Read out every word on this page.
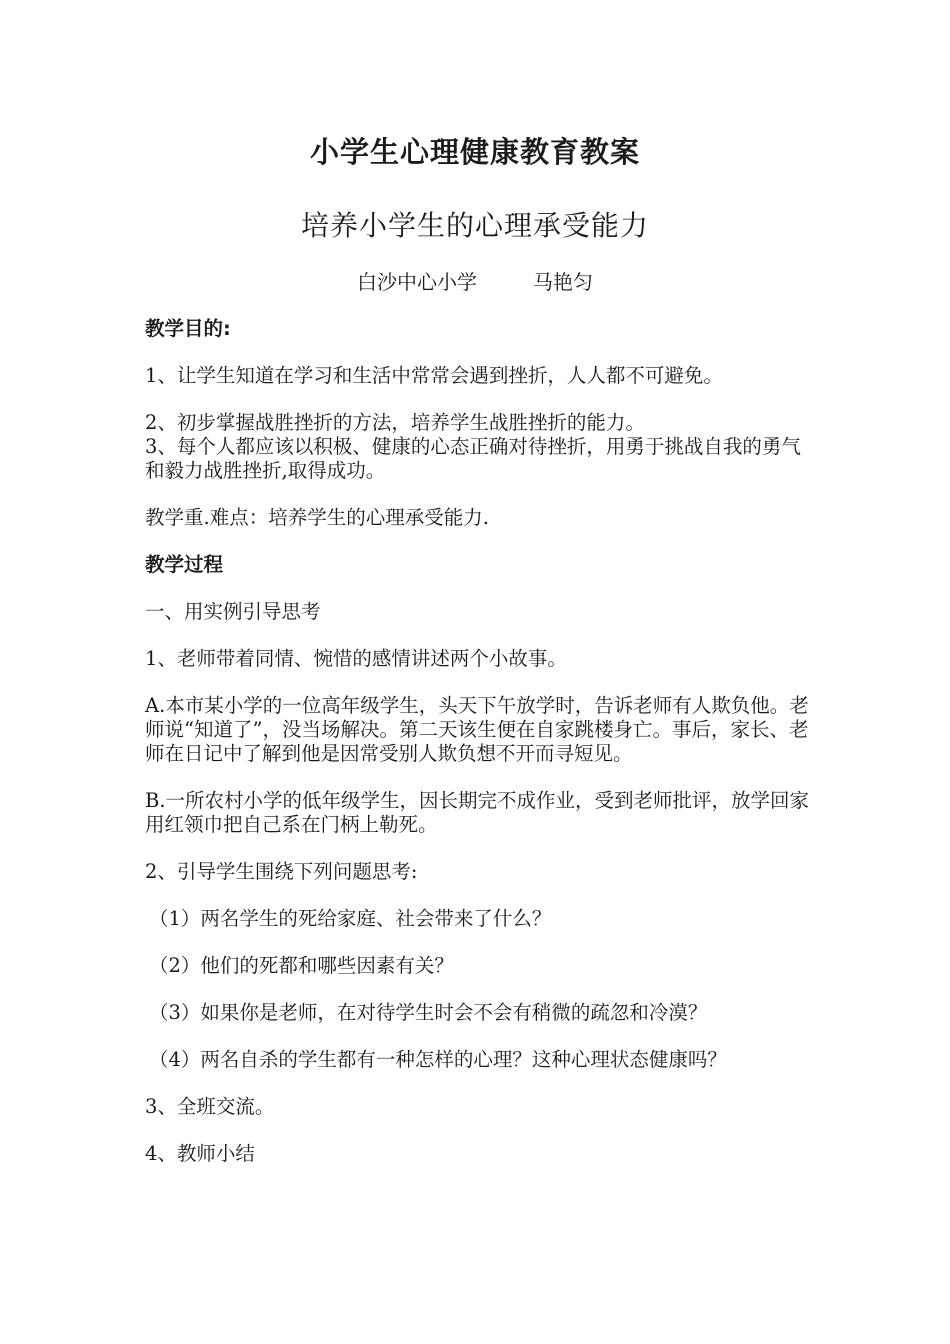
小学生心理健康教育教案
培养小学生的心理承受能力
白沙中心小学	马艳匀

教学目的:

1、让学生知道在学习和生活中常常会遇到挫折，人人都不可避免。

2、初步掌握战胜挫折的方法，培养学生战胜挫折的能力。

3、每个人都应该以积极、健康的心态正确对待挫折，用勇于挑战自我的勇气和毅力战胜挫折,取得成功。

教学重.难点：培养学生的心理承受能力.

教学过程

一、用实例引导思考

1、老师带着同情、惋惜的感情讲述两个小故事。

A.本市某小学的一位高年级学生，头天下午放学时，告诉老师有人欺负他。老师说“知道了”，没当场解决。第二天该生便在自家跳楼身亡。事后，家长、老师在日记中了解到他是因常受别人欺负想不开而寻短见。

B.一所农村小学的低年级学生，因长期完不成作业，受到老师批评，放学回家用红领巾把自己系在门柄上勒死。

2、引导学生围绕下列问题思考:

（1）两名学生的死给家庭、社会带来了什么？

（2）他们的死都和哪些因素有关？

（3）如果你是老师，在对待学生时会不会有稍微的疏忽和冷漠？

（4）两名自杀的学生都有一种怎样的心理？这种心理状态健康吗？

3、全班交流。

4、教师小结
